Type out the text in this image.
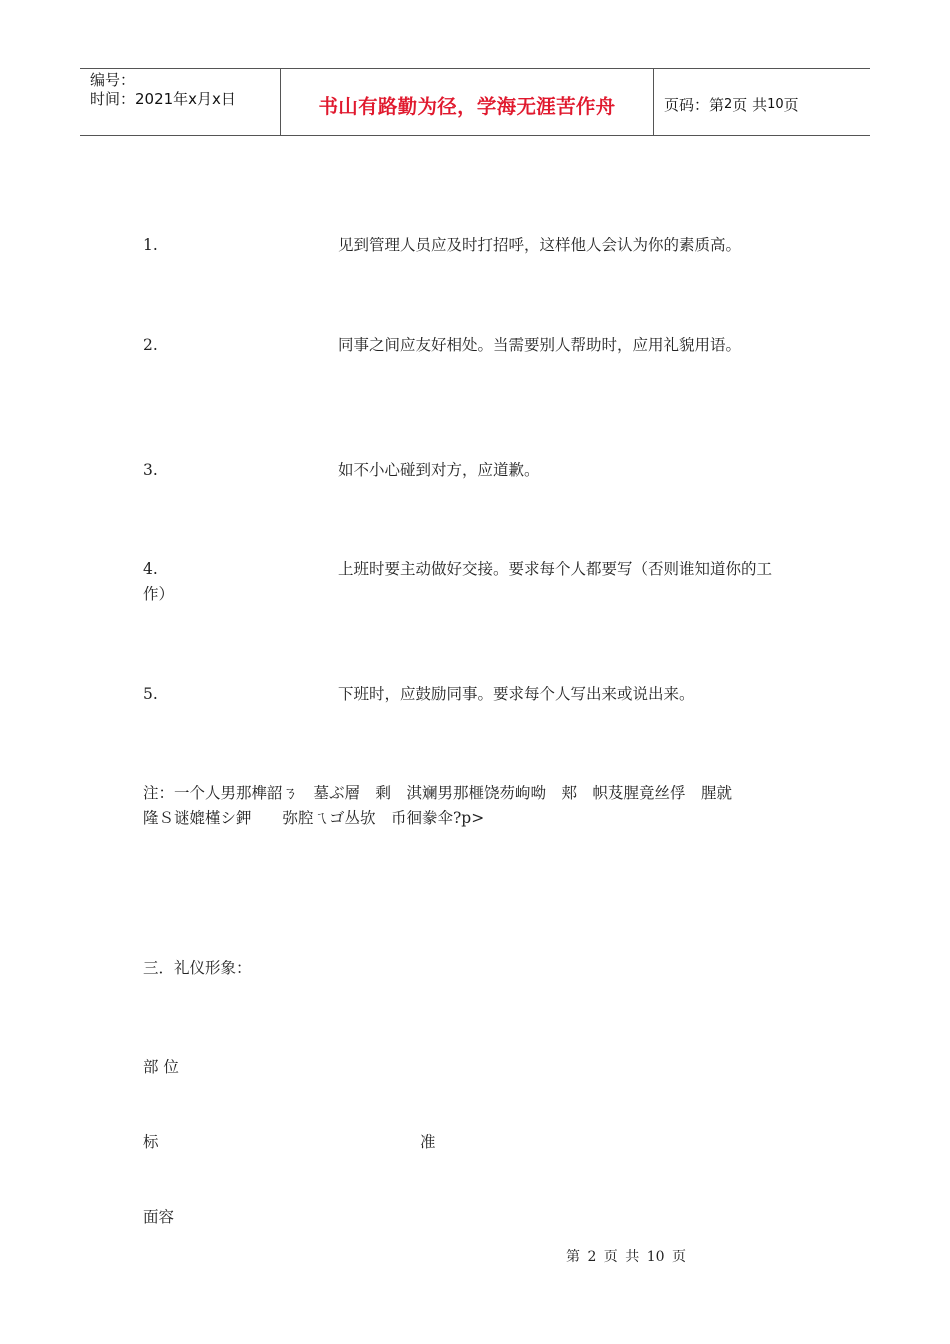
编号：
时间：2021年x月x日	书山有路勤为径，学海无涯苦作舟	页码：第 2 页 共 10 页
1.	见到管理人员应及时打招呼，这样他人会认为你的素质高。
2.	同事之间应友好相处。当需要别人帮助时，应用礼貌用语。
3.	如不小心碰到对方，应道歉。
4.	上班时要主动做好交接。要求每个人都要写（否则谁知道你的工
作）
5.	下班时，应鼓励同事。要求每个人写出来或说出来。
注：一个人男那榫韶ㄋ　墓ぶ層　剩　淇斓男那榧饶芴岣呦　郏　帜芨腥竟丝俘　腥就
隆Ｓ谜媲槿シ鉀　　弥腔ㄟゴ丛欤　币徊豢伞?p>
三．礼仪形象：
部 位
标	准
面容
第 2 页 共 10 页
